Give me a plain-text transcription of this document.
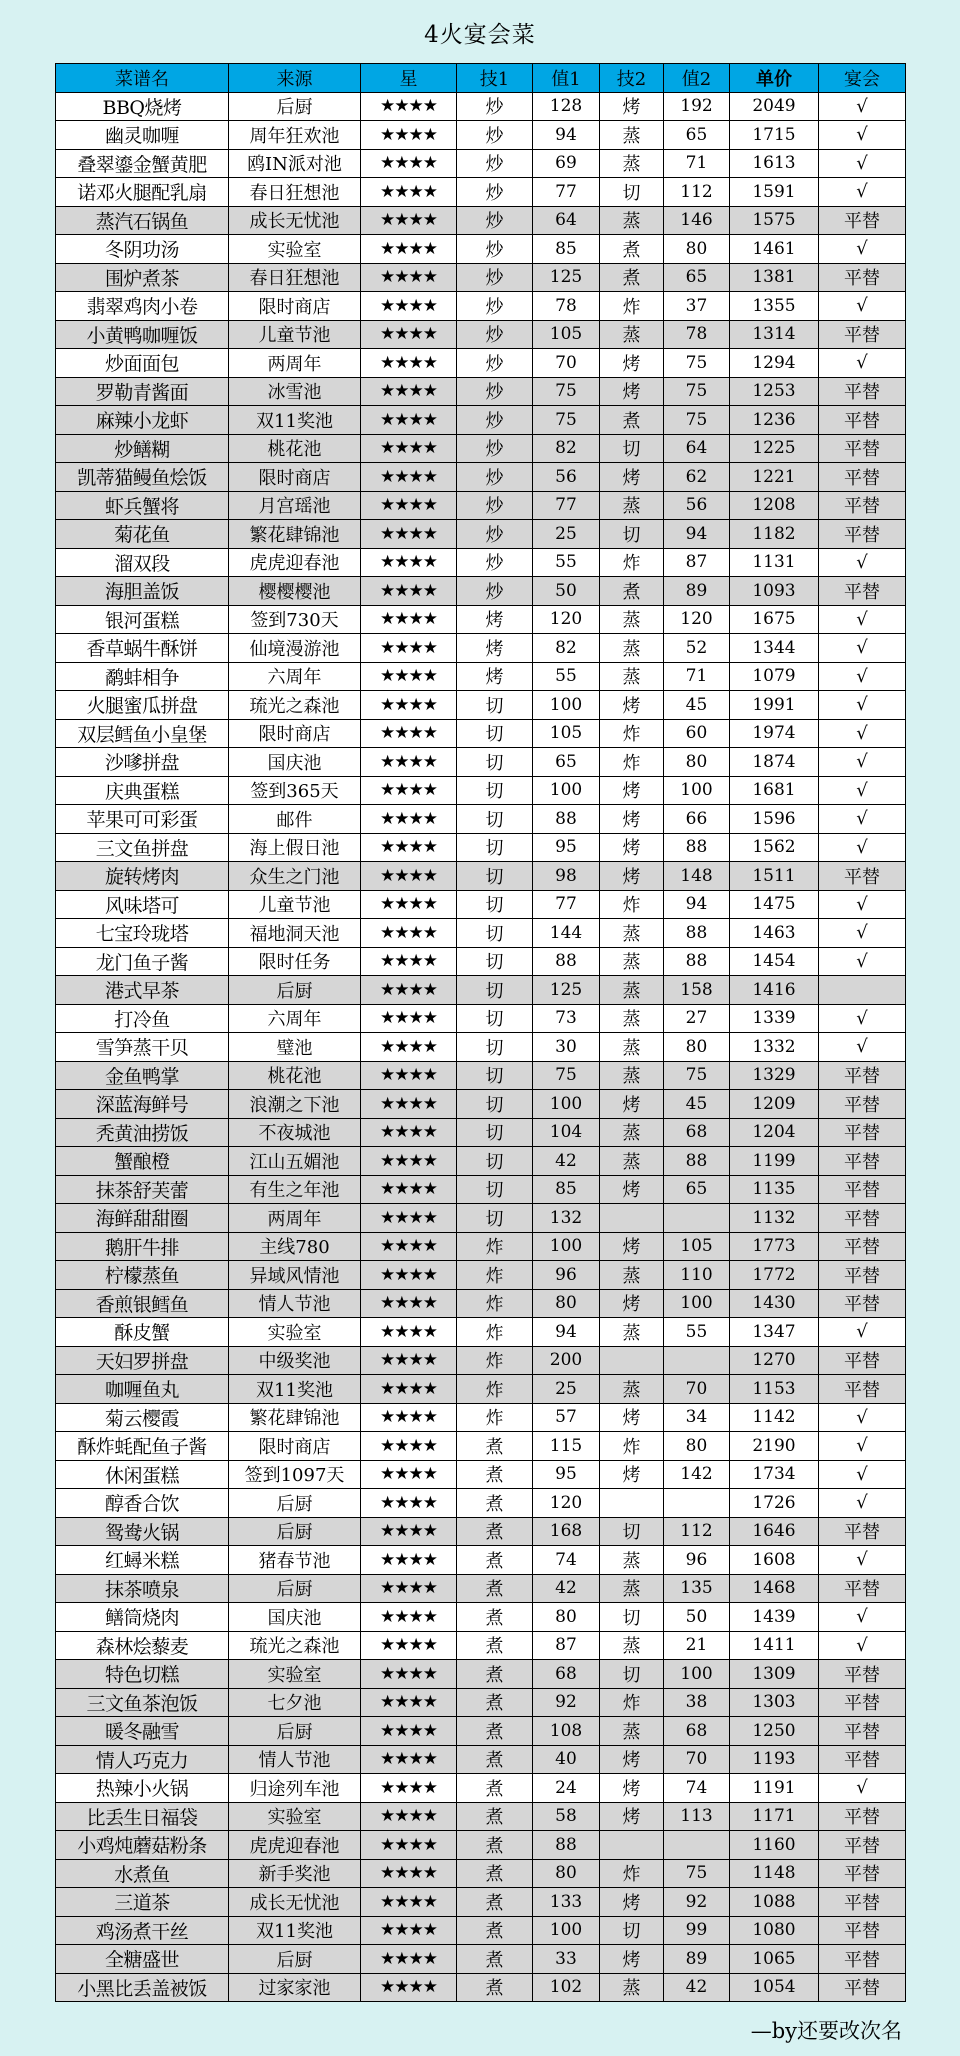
4火宴会菜
菜谱名	来源	星	技1	值1	技2	值2	单价	宴会
BBQ烧烤	后厨	★★★★	炒	128	烤	192	2049	√
幽灵咖喱	周年狂欢池	★★★★	炒	94	蒸	65	1715	√
叠翠鎏金蟹黄肥	鸥IN派对池	★★★★	炒	69	蒸	71	1613	√
诺邓火腿配乳扇	春日狂想池	★★★★	炒	77	切	112	1591	√
蒸汽石锅鱼	成长无忧池	★★★★	炒	64	蒸	146	1575	平替
冬阴功汤	实验室	★★★★	炒	85	煮	80	1461	√
围炉煮茶	春日狂想池	★★★★	炒	125	煮	65	1381	平替
翡翠鸡肉小卷	限时商店	★★★★	炒	78	炸	37	1355	√
小黄鸭咖喱饭	儿童节池	★★★★	炒	105	蒸	78	1314	平替
炒面面包	两周年	★★★★	炒	70	烤	75	1294	√
罗勒青酱面	冰雪池	★★★★	炒	75	烤	75	1253	平替
麻辣小龙虾	双11奖池	★★★★	炒	75	煮	75	1236	平替
炒鳝糊	桃花池	★★★★	炒	82	切	64	1225	平替
凯蒂猫鳗鱼烩饭	限时商店	★★★★	炒	56	烤	62	1221	平替
虾兵蟹将	月宫瑶池	★★★★	炒	77	蒸	56	1208	平替
菊花鱼	繁花肆锦池	★★★★	炒	25	切	94	1182	平替
溜双段	虎虎迎春池	★★★★	炒	55	炸	87	1131	√
海胆盖饭	樱樱樱池	★★★★	炒	50	煮	89	1093	平替
银河蛋糕	签到730天	★★★★	烤	120	蒸	120	1675	√
香草蜗牛酥饼	仙境漫游池	★★★★	烤	82	蒸	52	1344	√
鹬蚌相争	六周年	★★★★	烤	55	蒸	71	1079	√
火腿蜜瓜拼盘	琉光之森池	★★★★	切	100	烤	45	1991	√
双层鳕鱼小皇堡	限时商店	★★★★	切	105	炸	60	1974	√
沙嗲拼盘	国庆池	★★★★	切	65	炸	80	1874	√
庆典蛋糕	签到365天	★★★★	切	100	烤	100	1681	√
苹果可可彩蛋	邮件	★★★★	切	88	烤	66	1596	√
三文鱼拼盘	海上假日池	★★★★	切	95	烤	88	1562	√
旋转烤肉	众生之门池	★★★★	切	98	烤	148	1511	平替
风味塔可	儿童节池	★★★★	切	77	炸	94	1475	√
七宝玲珑塔	福地洞天池	★★★★	切	144	蒸	88	1463	√
龙门鱼子酱	限时任务	★★★★	切	88	蒸	88	1454	√
港式早茶	后厨	★★★★	切	125	蒸	158	1416	
打冷鱼	六周年	★★★★	切	73	蒸	27	1339	√
雪笋蒸干贝	璧池	★★★★	切	30	蒸	80	1332	√
金鱼鸭掌	桃花池	★★★★	切	75	蒸	75	1329	平替
深蓝海鲜号	浪潮之下池	★★★★	切	100	烤	45	1209	平替
秃黄油捞饭	不夜城池	★★★★	切	104	蒸	68	1204	平替
蟹酿橙	江山五媚池	★★★★	切	42	蒸	88	1199	平替
抹茶舒芙蕾	有生之年池	★★★★	切	85	烤	65	1135	平替
海鲜甜甜圈	两周年	★★★★	切	132			1132	平替
鹅肝牛排	主线780	★★★★	炸	100	烤	105	1773	平替
柠檬蒸鱼	异域风情池	★★★★	炸	96	蒸	110	1772	平替
香煎银鳕鱼	情人节池	★★★★	炸	80	烤	100	1430	平替
酥皮蟹	实验室	★★★★	炸	94	蒸	55	1347	√
天妇罗拼盘	中级奖池	★★★★	炸	200			1270	平替
咖喱鱼丸	双11奖池	★★★★	炸	25	蒸	70	1153	平替
菊云樱霞	繁花肆锦池	★★★★	炸	57	烤	34	1142	√
酥炸蚝配鱼子酱	限时商店	★★★★	煮	115	炸	80	2190	√
休闲蛋糕	签到1097天	★★★★	煮	95	烤	142	1734	√
醇香合饮	后厨	★★★★	煮	120			1726	√
鸳鸯火锅	后厨	★★★★	煮	168	切	112	1646	平替
红蟳米糕	猪春节池	★★★★	煮	74	蒸	96	1608	√
抹茶喷泉	后厨	★★★★	煮	42	蒸	135	1468	平替
鳝筒烧肉	国庆池	★★★★	煮	80	切	50	1439	√
森林烩藜麦	琉光之森池	★★★★	煮	87	蒸	21	1411	√
特色切糕	实验室	★★★★	煮	68	切	100	1309	平替
三文鱼茶泡饭	七夕池	★★★★	煮	92	炸	38	1303	平替
暖冬融雪	后厨	★★★★	煮	108	蒸	68	1250	平替
情人巧克力	情人节池	★★★★	煮	40	烤	70	1193	平替
热辣小火锅	归途列车池	★★★★	煮	24	烤	74	1191	√
比丢生日福袋	实验室	★★★★	煮	58	烤	113	1171	平替
小鸡炖蘑菇粉条	虎虎迎春池	★★★★	煮	88			1160	平替
水煮鱼	新手奖池	★★★★	煮	80	炸	75	1148	平替
三道茶	成长无忧池	★★★★	煮	133	烤	92	1088	平替
鸡汤煮干丝	双11奖池	★★★★	煮	100	切	99	1080	平替
全糖盛世	后厨	★★★★	煮	33	烤	89	1065	平替
小黑比丢盖被饭	过家家池	★★★★	煮	102	蒸	42	1054	平替
—by还要改次名
